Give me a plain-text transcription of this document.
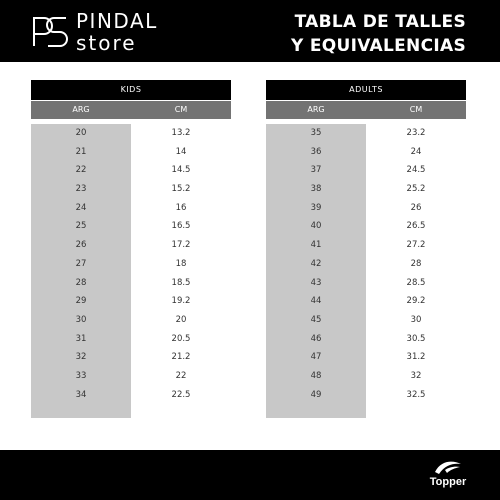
PINDAL
store
TABLA DE TALLES
Y EQUIVALENCIAS
KIDS
ARG	CM
20	13.2
21	14
22	14.5
23	15.2
24	16
25	16.5
26	17.2
27	18
28	18.5
29	19.2
30	20
31	20.5
32	21.2
33	22
34	22.5
ADULTS
ARG	CM
35	23.2
36	24
37	24.5
38	25.2
39	26
40	26.5
41	27.2
42	28
43	28.5
44	29.2
45	30
46	30.5
47	31.2
48	32
49	32.5
Topper
